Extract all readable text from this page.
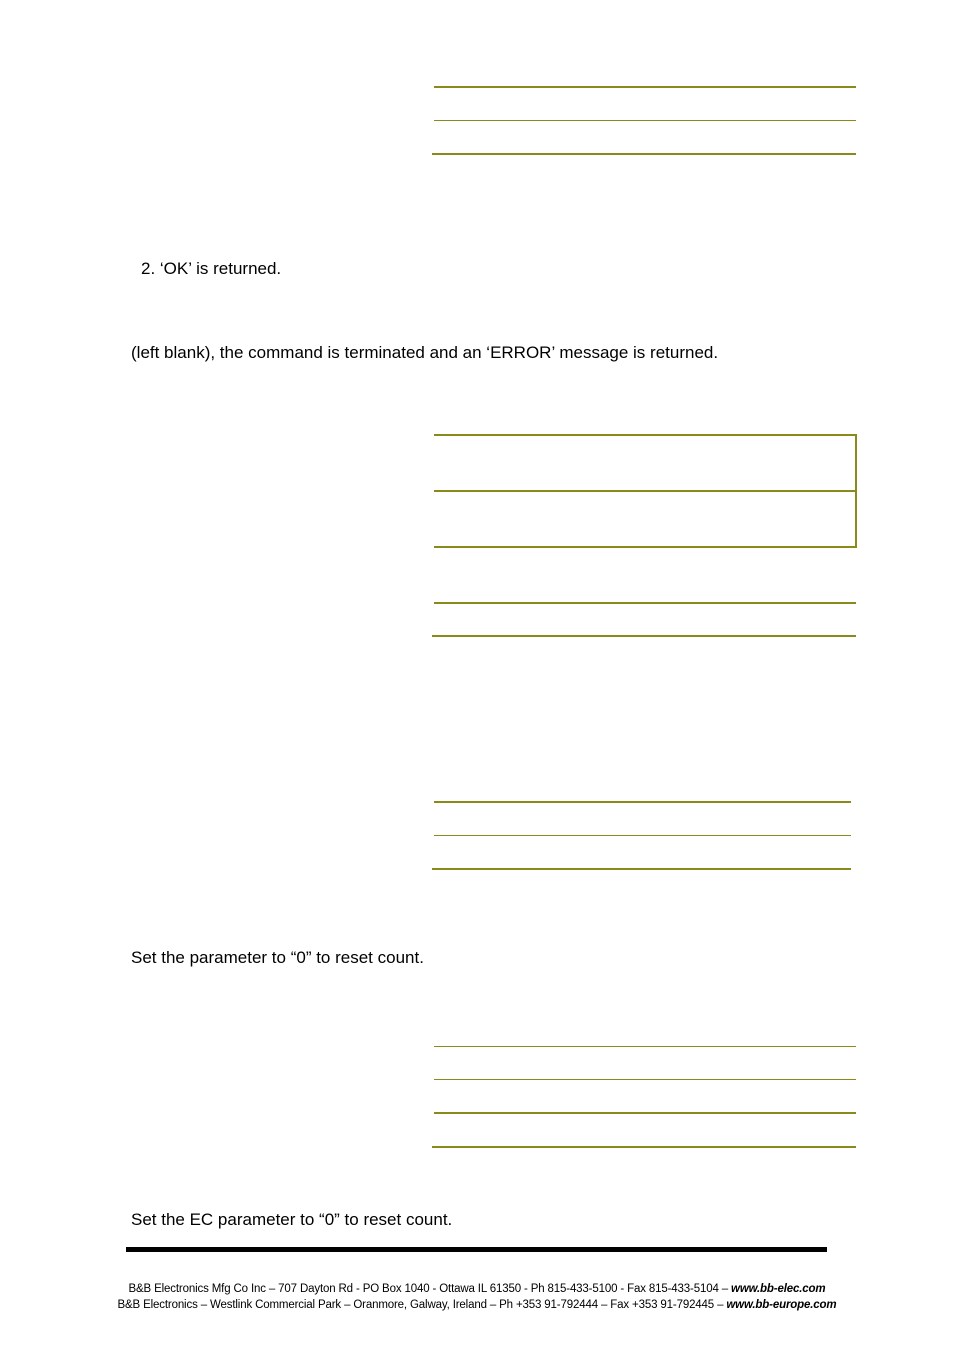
2. ‘OK’ is returned.
(left blank), the command is terminated and an ‘ERROR’ message is returned.
Set the parameter to “0” to reset count.
Set the EC parameter to “0” to reset count.
B&B Electronics Mfg Co Inc – 707 Dayton Rd - PO Box 1040 - Ottawa IL 61350 - Ph 815-433-5100 - Fax 815-433-5104 – www.bb-elec.com
B&B Electronics – Westlink Commercial Park – Oranmore, Galway, Ireland – Ph +353 91-792444 – Fax +353 91-792445 – www.bb-europe.com
